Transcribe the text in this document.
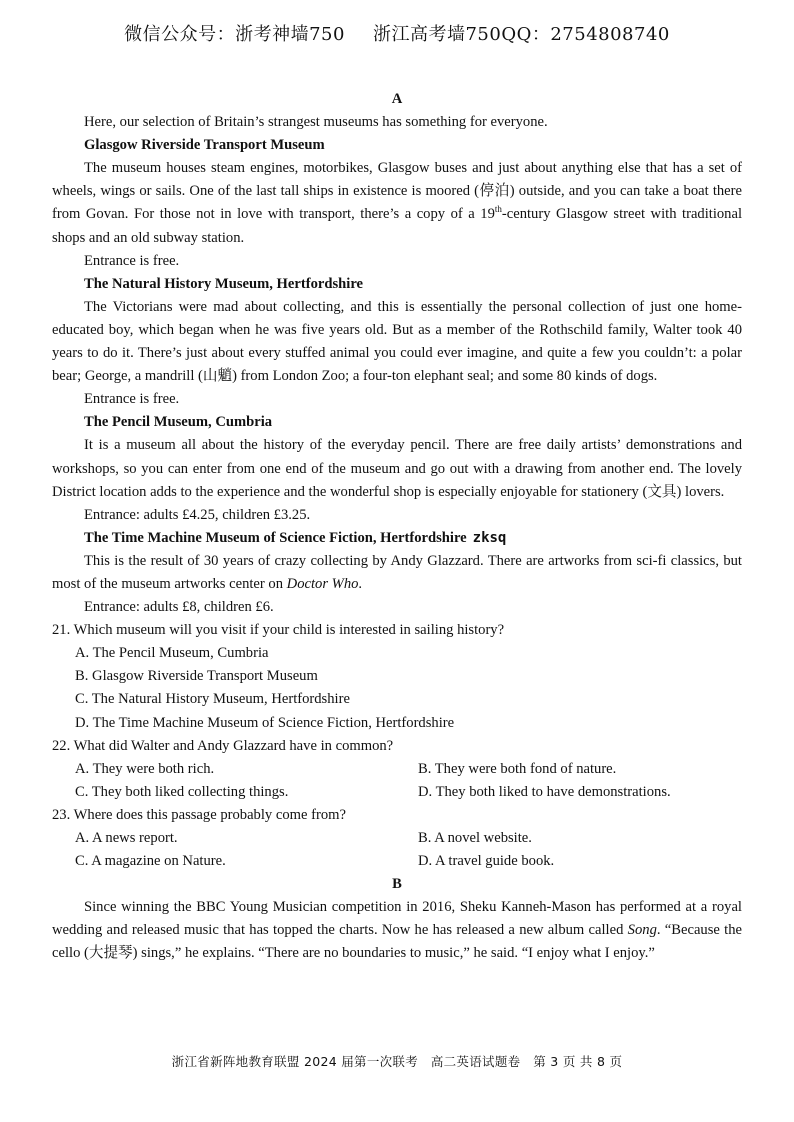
微信公众号：浙考神墙750 浙江高考墙750QQ：2754808740
A

Here, our selection of Britain’s strangest museums has something for everyone.

Glasgow Riverside Transport Museum

The museum houses steam engines, motorbikes, Glasgow buses and just about anything else that has a set of wheels, wings or sails. One of the last tall ships in existence is moored (停泊) outside, and you can take a boat there from Govan. For those not in love with transport, there’s a copy of a 19th-century Glasgow street with traditional shops and an old subway station.

Entrance is free.

The Natural History Museum, Hertfordshire

The Victorians were mad about collecting, and this is essentially the personal collection of just one home-educated boy, which began when he was five years old. But as a member of the Rothschild family, Walter took 40 years to do it. There’s just about every stuffed animal you could ever imagine, and quite a few you couldn’t: a polar bear; George, a mandrill (山魈) from London Zoo; a four-ton elephant seal; and some 80 kinds of dogs.

Entrance is free.

The Pencil Museum, Cumbria

It is a museum all about the history of the everyday pencil. There are free daily artists’ demonstrations and workshops, so you can enter from one end of the museum and go out with a drawing from another end. The lovely District location adds to the experience and the wonderful shop is especially enjoyable for stationery (文具) lovers.

Entrance: adults £4.25, children £3.25.

The Time Machine Museum of Science Fiction, Hertfordshire zksq

This is the result of 30 years of crazy collecting by Andy Glazzard. There are artworks from sci-fi classics, but most of the museum artworks center on Doctor Who.

Entrance: adults £8, children £6.

21. Which museum will you visit if your child is interested in sailing history?
A. The Pencil Museum, Cumbria
B. Glasgow Riverside Transport Museum
C. The Natural History Museum, Hertfordshire
D. The Time Machine Museum of Science Fiction, Hertfordshire
22. What did Walter and Andy Glazzard have in common?
A. They were both rich.	B. They were both fond of nature.
C. They both liked collecting things.	D. They both liked to have demonstrations.
23. Where does this passage probably come from?
A. A news report.	B. A novel website.
C. A magazine on Nature.	D. A travel guide book.
B

Since winning the BBC Young Musician competition in 2016, Sheku Kanneh-Mason has performed at a royal wedding and released music that has topped the charts. Now he has released a new album called Song. “Because the cello (大提琴) sings,” he explains. “There are no boundaries to music,” he said. “I enjoy what I enjoy.”

浙江省新阵地教育联盟 2024 届第一次联考　高二英语试题卷　第 3 页 共 8 页
